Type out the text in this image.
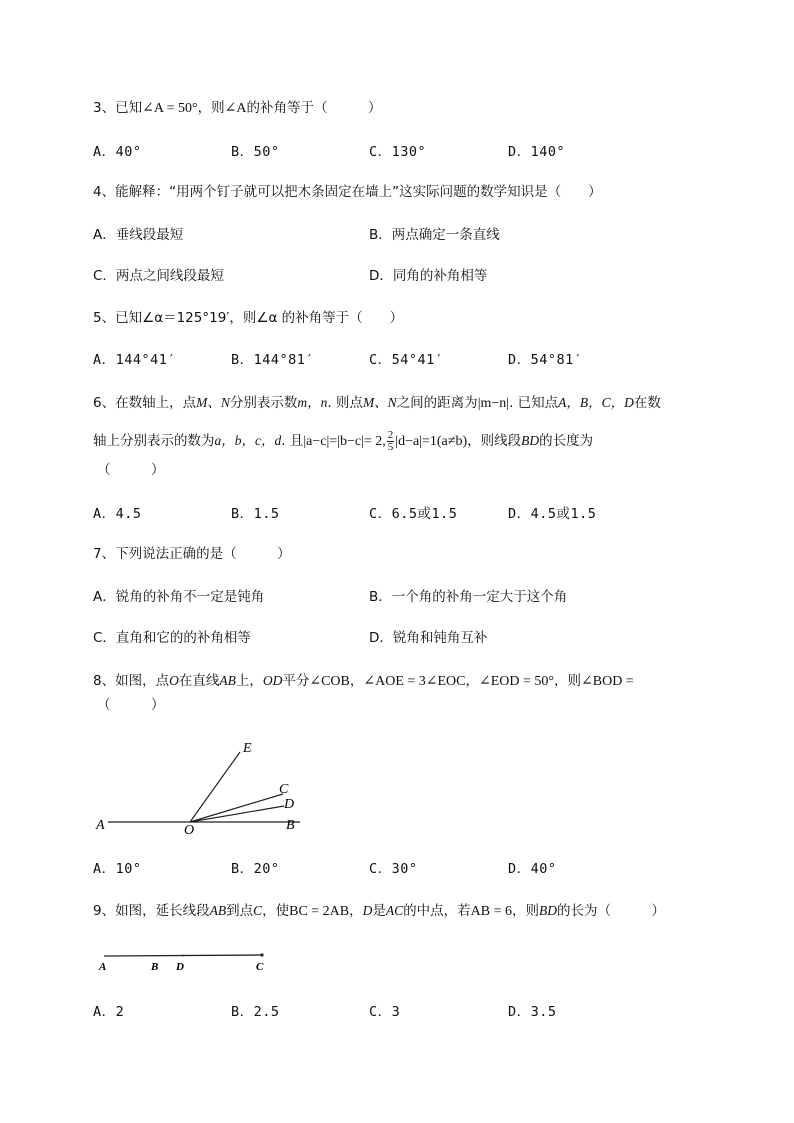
3、已知∠A = 50°，则∠A的补角等于（　　　）
A．40°	B．50°	C．130°	D．140°
4、能解释：“用两个钉子就可以把木条固定在墙上”这实际问题的数学知识是（　　）
A．垂线段最短	B．两点确定一条直线
C．两点之间线段最短	D．同角的补角相等
5、已知∠α＝125°19′，则∠α 的补角等于（　　）
A．144°41′	B．144°81′	C．54°41′	D．54°81′
6、在数轴上，点M、N分别表示数m，n. 则点M、N之间的距离为|m−n|. 已知点A，B，C，D在数
轴上分别表示的数为a，b，c，d. 且|a−c|=|b−c|= 2, $\frac{2}{5} |d-a|=1(a\ne b)$，则线段BD的长度为
（　　　）
A．4.5	B．1.5	C．6.5或1.5	D．4.5或1.5
7、下列说法正确的是（　　　）
A．锐角的补角不一定是钝角	B．一个角的补角一定大于这个角
C．直角和它的的补角相等	D．锐角和钝角互补
8、如图，点O在直线AB上，OD平分∠COB，∠AOE = 3∠EOC，∠EOD = 50°，则∠BOD =
（　　　）
E
C
D
A	O	B
A．10°	B．20°	C．30°	D．40°
9、如图，延长线段AB到点C，使BC = 2AB，D是AC的中点，若AB = 6，则BD的长为（　　　）
A	B D	C
A．2	B．2.5	C．3	D．3.5
